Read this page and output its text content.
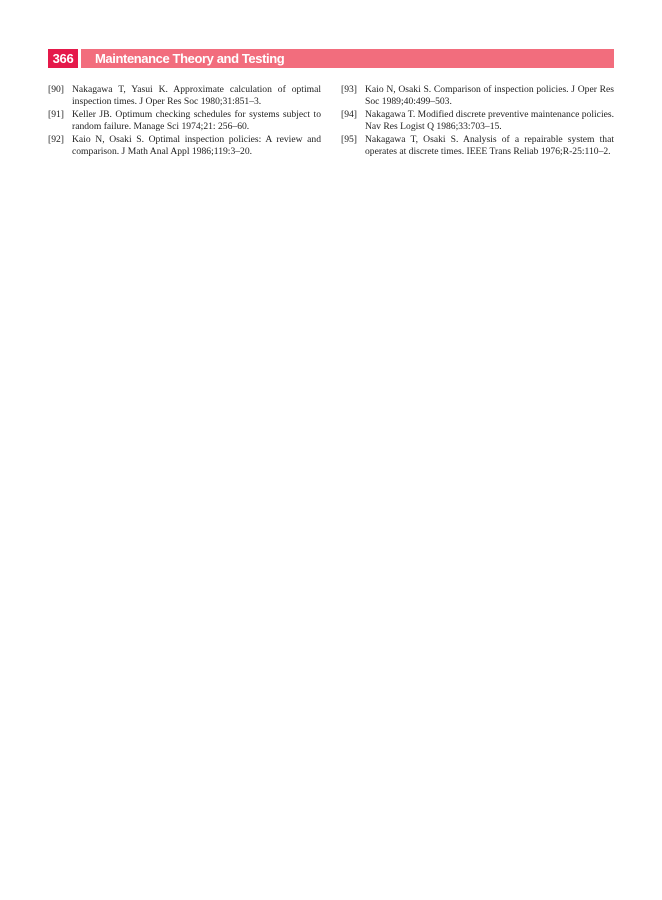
366	Maintenance Theory and Testing
[90] Nakagawa T, Yasui K. Approximate calculation of optimal inspection times. J Oper Res Soc 1980;31:851–3.
[91] Keller JB. Optimum checking schedules for systems subject to random failure. Manage Sci 1974;21: 256–60.
[92] Kaio N, Osaki S. Optimal inspection policies: A review and comparison. J Math Anal Appl 1986;119:3–20.
[93] Kaio N, Osaki S. Comparison of inspection policies. J Oper Res Soc 1989;40:499–503.
[94] Nakagawa T. Modified discrete preventive maintenance policies. Nav Res Logist Q 1986;33:703–15.
[95] Nakagawa T, Osaki S. Analysis of a repairable system that operates at discrete times. IEEE Trans Reliab 1976;R-25:110–2.
